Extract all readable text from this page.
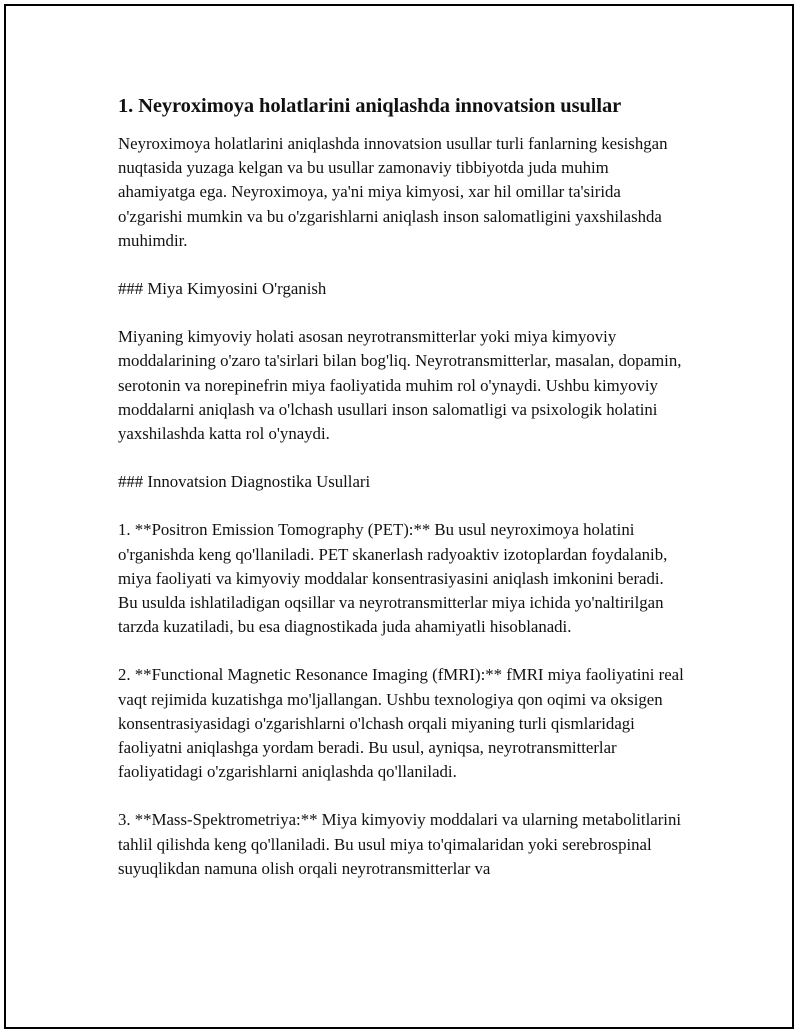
1. Neyroximoya holatlarini aniqlashda innovatsion usullar

Neyroximoya holatlarini aniqlashda innovatsion usullar turli fanlarning kesishgan nuqtasida yuzaga kelgan va bu usullar zamonaviy tibbiyotda juda muhim ahamiyatga ega. Neyroximoya, ya'ni miya kimyosi, xar hil omillar ta'sirida o'zgarishi mumkin va bu o'zgarishlarni aniqlash inson salomatligini yaxshilashda muhimdir.

### Miya Kimyosini O'rganish

Miyaning kimyoviy holati asosan neyrotransmitterlar yoki miya kimyoviy moddalarining o'zaro ta'sirlari bilan bog'liq. Neyrotransmitterlar, masalan, dopamin, serotonin va norepinefrin miya faoliyatida muhim rol o'ynaydi. Ushbu kimyoviy moddalarni aniqlash va o'lchash usullari inson salomatligi va psixologik holatini yaxshilashda katta rol o'ynaydi.

### Innovatsion Diagnostika Usullari

1. **Positron Emission Tomography (PET):** Bu usul neyroximoya holatini o'rganishda keng qo'llaniladi. PET skanerlash radyoaktiv izotoplardan foydalanib, miya faoliyati va kimyoviy moddalar konsentrasiyasini aniqlash imkonini beradi. Bu usulda ishlatiladigan oqsillar va neyrotransmitterlar miya ichida yo'naltirilgan tarzda kuzatiladi, bu esa diagnostikada juda ahamiyatli hisoblanadi.

2. **Functional Magnetic Resonance Imaging (fMRI):** fMRI miya faoliyatini real vaqt rejimida kuzatishga mo'ljallangan. Ushbu texnologiya qon oqimi va oksigen konsentrasiyasidagi o'zgarishlarni o'lchash orqali miyaning turli qismlaridagi faoliyatni aniqlashga yordam beradi. Bu usul, ayniqsa, neyrotransmitterlar faoliyatidagi o'zgarishlarni aniqlashda qo'llaniladi.

3. **Mass-Spektrometriya:** Miya kimyoviy moddalari va ularning metabolitlarini tahlil qilishda keng qo'llaniladi. Bu usul miya to'qimalaridan yoki serebrospinal suyuqlikdan namuna olish orqali neyrotransmitterlar va
